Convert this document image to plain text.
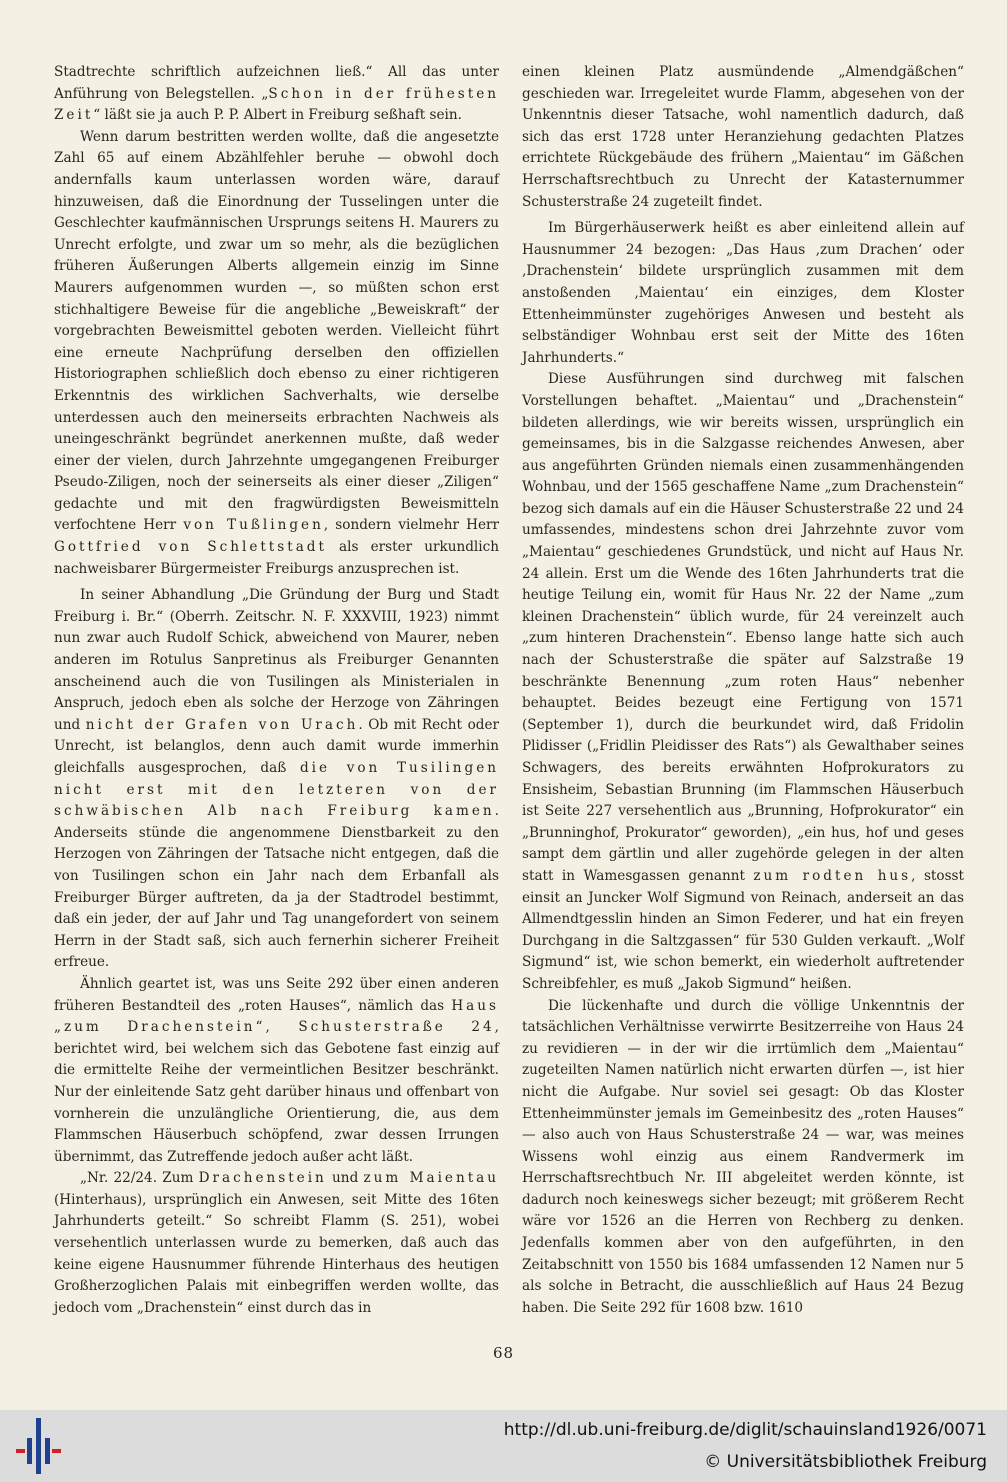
Stadtrechte schriftlich aufzeichnen ließ.“ All das unter Anführung von Belegstellen. „Schon in der frühesten Zeit“ läßt sie ja auch P. P. Albert in Freiburg seßhaft sein.

Wenn darum bestritten werden wollte, daß die angesetzte Zahl 65 auf einem Abzählfehler beruhe — obwohl doch andernfalls kaum unterlassen worden wäre, darauf hinzuweisen, daß die Einordnung der Tusselingen unter die Geschlechter kaufmännischen Ursprungs seitens H. Maurers zu Unrecht erfolgte, und zwar um so mehr, als die bezüglichen früheren Äußerungen Alberts allgemein einzig im Sinne Maurers aufgenommen wurden —, so müßten schon erst stichhaltigere Beweise für die angebliche „Beweiskraft“ der vorgebrachten Beweismittel geboten werden. Vielleicht führt eine erneute Nachprüfung derselben den offiziellen Historiographen schließlich doch ebenso zu einer richtigeren Erkenntnis des wirklichen Sachverhalts, wie derselbe unterdessen auch den meinerseits erbrachten Nachweis als uneingeschränkt begründet anerkennen mußte, daß weder einer der vielen, durch Jahrzehnte umgegangenen Freiburger Pseudo-Ziligen, noch der seinerseits als einer dieser „Ziligen“ gedachte und mit den fragwürdigsten Beweismitteln verfochtene Herr von Tußlingen, sondern vielmehr Herr Gottfried von Schlettstadt als erster urkundlich nachweisbarer Bürgermeister Freiburgs anzusprechen ist.

In seiner Abhandlung „Die Gründung der Burg und Stadt Freiburg i. Br.“ (Oberrh. Zeitschr. N. F. XXXVIII, 1923) nimmt nun zwar auch Rudolf Schick, abweichend von Maurer, neben anderen im Rotulus Sanpretinus als Freiburger Genannten anscheinend auch die von Tusilingen als Ministerialen in Anspruch, jedoch eben als solche der Herzoge von Zähringen und nicht der Grafen von Urach. Ob mit Recht oder Unrecht, ist belanglos, denn auch damit wurde immerhin gleichfalls ausgesprochen, daß die von Tusilingen nicht erst mit den letzteren von der schwäbischen Alb nach Freiburg kamen. Anderseits stünde die angenommene Dienstbarkeit zu den Herzogen von Zähringen der Tatsache nicht entgegen, daß die von Tusilingen schon ein Jahr nach dem Erbanfall als Freiburger Bürger auftreten, da ja der Stadtrodel bestimmt, daß ein jeder, der auf Jahr und Tag unangefordert von seinem Herrn in der Stadt saß, sich auch fernerhin sicherer Freiheit erfreue.

Ähnlich geartet ist, was uns Seite 292 über einen anderen früheren Bestandteil des „roten Hauses“, nämlich das Haus „zum Drachenstein“, Schusterstraße 24, berichtet wird, bei welchem sich das Gebotene fast einzig auf die ermittelte Reihe der vermeintlichen Besitzer beschränkt. Nur der einleitende Satz geht darüber hinaus und offenbart von vornherein die unzulängliche Orientierung, die, aus dem Flammschen Häuserbuch schöpfend, zwar dessen Irrungen übernimmt, das Zutreffende jedoch außer acht läßt.

„Nr. 22/24. Zum Drachenstein und zum Maientau (Hinterhaus), ursprünglich ein Anwesen, seit Mitte des 16ten Jahrhunderts geteilt.“ So schreibt Flamm (S. 251), wobei versehentlich unterlassen wurde zu bemerken, daß auch das keine eigene Hausnummer führende Hinterhaus des heutigen Großherzoglichen Palais mit einbegriffen werden wollte, das jedoch vom „Drachenstein“ einst durch das in

einen kleinen Platz ausmündende „Almendgäßchen“ geschieden war. Irregeleitet wurde Flamm, abgesehen von der Unkenntnis dieser Tatsache, wohl namentlich dadurch, daß sich das erst 1728 unter Heranziehung gedachten Platzes errichtete Rückgebäude des frühern „Maientau“ im Gäßchen Herrschaftsrechtbuch zu Unrecht der Katasternummer Schusterstraße 24 zugeteilt findet.

Im Bürgerhäuserwerk heißt es aber einleitend allein auf Hausnummer 24 bezogen: „Das Haus ‚zum Drachen‘ oder ‚Drachenstein‘ bildete ursprünglich zusammen mit dem anstoßenden ‚Maientau‘ ein einziges, dem Kloster Ettenheimmünster zugehöriges Anwesen und besteht als selbständiger Wohnbau erst seit der Mitte des 16ten Jahrhunderts.“

Diese Ausführungen sind durchweg mit falschen Vorstellungen behaftet. „Maientau“ und „Drachenstein“ bildeten allerdings, wie wir bereits wissen, ursprünglich ein gemeinsames, bis in die Salzgasse reichendes Anwesen, aber aus angeführten Gründen niemals einen zusammenhängenden Wohnbau, und der 1565 geschaffene Name „zum Drachenstein“ bezog sich damals auf ein die Häuser Schusterstraße 22 und 24 umfassendes, mindestens schon drei Jahrzehnte zuvor vom „Maientau“ geschiedenes Grundstück, und nicht auf Haus Nr. 24 allein. Erst um die Wende des 16ten Jahrhunderts trat die heutige Teilung ein, womit für Haus Nr. 22 der Name „zum kleinen Drachenstein“ üblich wurde, für 24 vereinzelt auch „zum hinteren Drachenstein“. Ebenso lange hatte sich auch nach der Schusterstraße die später auf Salzstraße 19 beschränkte Benennung „zum roten Haus“ nebenher behauptet. Beides bezeugt eine Fertigung von 1571 (September 1), durch die beurkundet wird, daß Fridolin Plidisser („Fridlin Pleidisser des Rats“) als Gewalthaber seines Schwagers, des bereits erwähnten Hofprokurators zu Ensisheim, Sebastian Brunning (im Flammschen Häuserbuch ist Seite 227 versehentlich aus „Brunning, Hofprokurator“ ein „Brunninghof, Prokurator“ geworden), „ein hus, hof und geses sampt dem gärtlin und aller zugehörde gelegen in der alten statt in Wamesgassen genannt zum rodten hus, stosst einsit an Juncker Wolf Sigmund von Reinach, anderseit an das Allmendtgesslin hinden an Simon Federer, und hat ein freyen Durchgang in die Saltzgassen“ für 530 Gulden verkauft. „Wolf Sigmund“ ist, wie schon bemerkt, ein wiederholt auftretender Schreibfehler, es muß „Jakob Sigmund“ heißen.

Die lückenhafte und durch die völlige Unkenntnis der tatsächlichen Verhältnisse verwirrte Besitzerreihe von Haus 24 zu revidieren — in der wir die irrtümlich dem „Maientau“ zugeteilten Namen natürlich nicht erwarten dürfen —, ist hier nicht die Aufgabe. Nur soviel sei gesagt: Ob das Kloster Ettenheimmünster jemals im Gemeinbesitz des „roten Hauses“ — also auch von Haus Schusterstraße 24 — war, was meines Wissens wohl einzig aus einem Randvermerk im Herrschaftsrechtbuch Nr. III abgeleitet werden könnte, ist dadurch noch keineswegs sicher bezeugt; mit größerem Recht wäre vor 1526 an die Herren von Rechberg zu denken. Jedenfalls kommen aber von den aufgeführten, in den Zeitabschnitt von 1550 bis 1684 umfassenden 12 Namen nur 5 als solche in Betracht, die ausschließlich auf Haus 24 Bezug haben. Die Seite 292 für 1608 bzw. 1610

68
http://dl.ub.uni-freiburg.de/diglit/schauinsland1926/0071
© Universitätsbibliothek Freiburg
